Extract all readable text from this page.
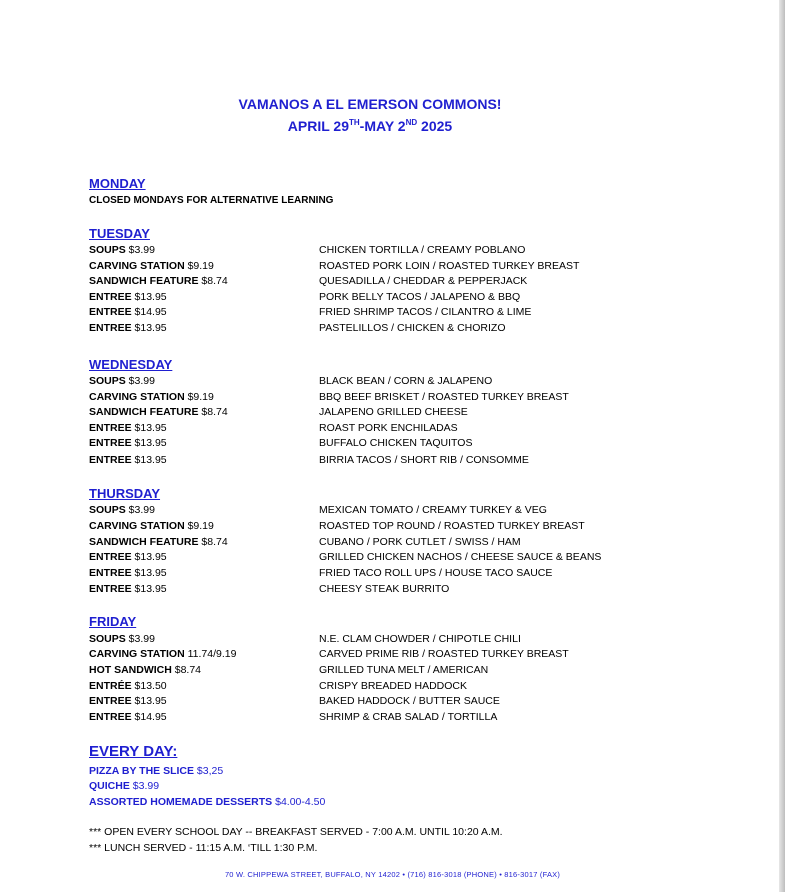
VAMANOS A EL EMERSON COMMONS!
APRIL 29TH-MAY 2ND 2025
MONDAY
CLOSED MONDAYS FOR ALTERNATIVE LEARNING
TUESDAY
SOUPS $3.99	CHICKEN TORTILLA / CREAMY POBLANO
CARVING STATION $9.19	ROASTED PORK LOIN / ROASTED TURKEY BREAST
SANDWICH FEATURE $8.74	QUESADILLA / CHEDDAR & PEPPERJACK
ENTREE $13.95	PORK BELLY TACOS / JALAPENO & BBQ
ENTREE $14.95	FRIED SHRIMP TACOS / CILANTRO & LIME
ENTREE $13.95	PASTELILLOS / CHICKEN & CHORIZO
WEDNESDAY
SOUPS $3.99	BLACK BEAN / CORN & JALAPENO
CARVING STATION $9.19	BBQ BEEF BRISKET / ROASTED TURKEY BREAST
SANDWICH FEATURE $8.74	JALAPENO GRILLED CHEESE
ENTREE $13.95	ROAST PORK ENCHILADAS
ENTREE $13.95	BUFFALO CHICKEN TAQUITOS
ENTREE $13.95	BIRRIA TACOS / SHORT RIB / CONSOMME
THURSDAY
SOUPS $3.99	MEXICAN TOMATO / CREAMY TURKEY & VEG
CARVING STATION $9.19	ROASTED TOP ROUND / ROASTED TURKEY BREAST
SANDWICH FEATURE $8.74	CUBANO / PORK CUTLET / SWISS / HAM
ENTREE $13.95	GRILLED CHICKEN NACHOS / CHEESE SAUCE & BEANS
ENTREE $13.95	FRIED TACO ROLL UPS / HOUSE TACO SAUCE
ENTREE $13.95	CHEESY STEAK BURRITO
FRIDAY
SOUPS $3.99	N.E. CLAM CHOWDER / CHIPOTLE CHILI
CARVING STATION 11.74/9.19	CARVED PRIME RIB / ROASTED TURKEY BREAST
HOT SANDWICH $8.74	GRILLED TUNA MELT / AMERICAN
ENTRÉE $13.50	CRISPY BREADED HADDOCK
ENTREE $13.95	BAKED HADDOCK / BUTTER SAUCE
ENTREE $14.95	SHRIMP & CRAB SALAD / TORTILLA
EVERY DAY:
PIZZA BY THE SLICE $3,25
QUICHE $3.99
ASSORTED HOMEMADE DESSERTS $4.00-4.50
*** OPEN EVERY SCHOOL DAY -- BREAKFAST SERVED - 7:00 A.M. UNTIL 10:20 A.M.
*** LUNCH SERVED - 11:15 A.M. ‘TILL 1:30 P.M.
70 W. CHIPPEWA STREET, BUFFALO, NY 14202 • (716) 816-3018 (PHONE) • 816-3017 (FAX)
